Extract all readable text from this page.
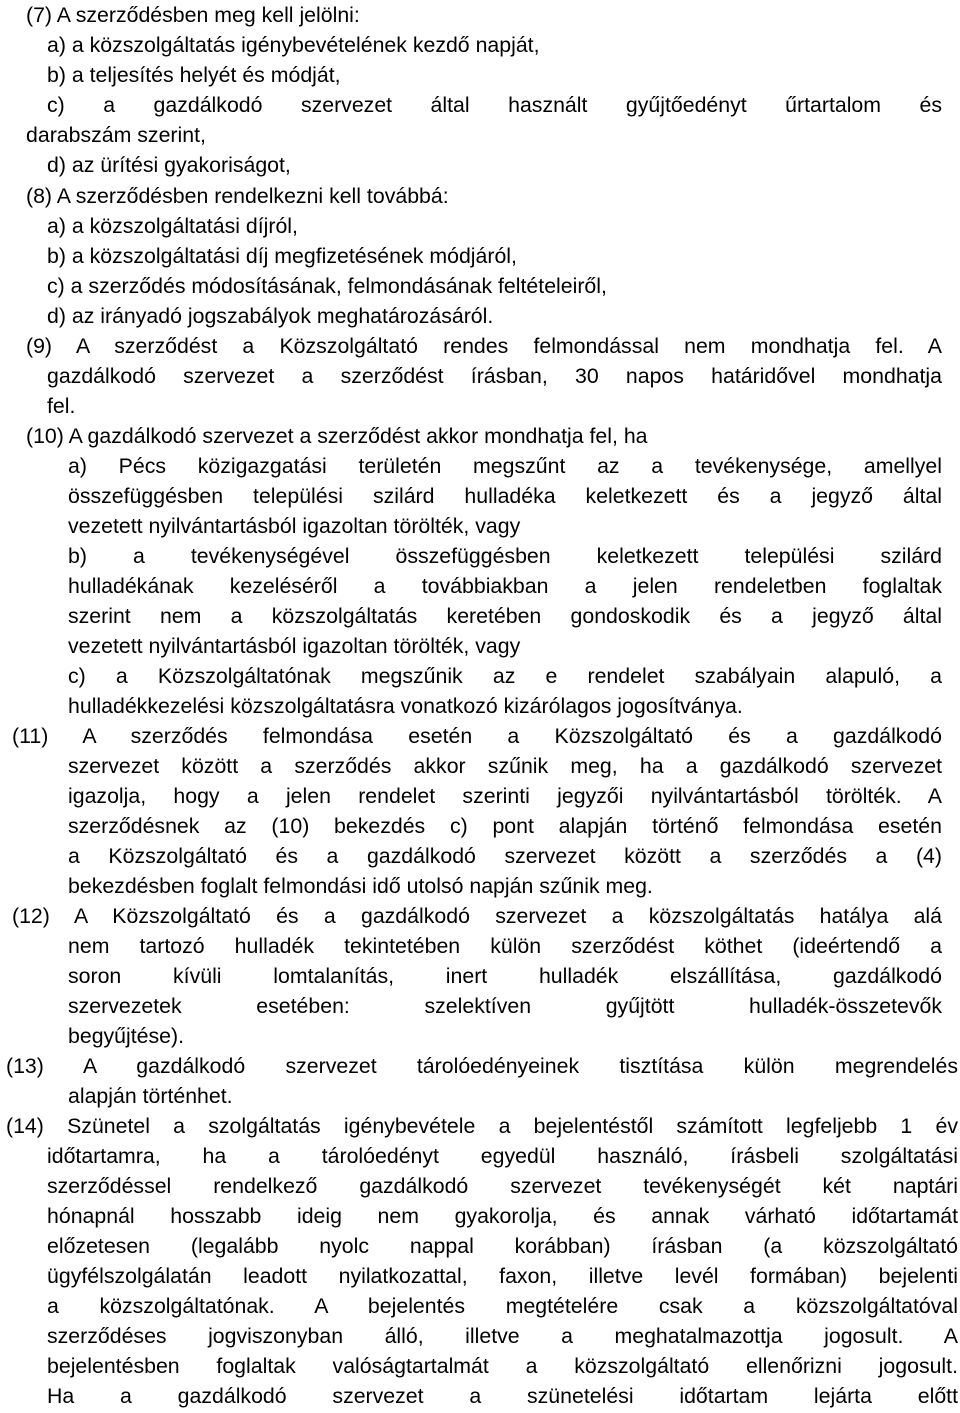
(7) A szerződésben meg kell jelölni:
a) a közszolgáltatás igénybevételének kezdő napját,
b) a teljesítés helyét és módját,
c) a gazdálkodó szervezet által használt gyűjtőedényt űrtartalom és
darabszám szerint,
d) az ürítési gyakoriságot,
(8) A szerződésben rendelkezni kell továbbá:
a) a közszolgáltatási díjról,
b) a közszolgáltatási díj megfizetésének módjáról,
c) a szerződés módosításának, felmondásának feltételeiről,
d) az irányadó jogszabályok meghatározásáról.
(9) A szerződést a Közszolgáltató rendes felmondással nem mondhatja fel. A
gazdálkodó szervezet a szerződést írásban, 30 napos határidővel mondhatja
fel.
(10) A gazdálkodó szervezet a szerződést akkor mondhatja fel, ha
a) Pécs közigazgatási területén megszűnt az a tevékenysége, amellyel
összefüggésben települési szilárd hulladéka keletkezett és a jegyző által
vezetett nyilvántartásból igazoltan törölték, vagy
b) a tevékenységével összefüggésben keletkezett települési szilárd
hulladékának kezeléséről a továbbiakban a jelen rendeletben foglaltak
szerint nem a közszolgáltatás keretében gondoskodik és a jegyző által
vezetett nyilvántartásból igazoltan törölték, vagy
c) a Közszolgáltatónak megszűnik az e rendelet szabályain alapuló, a
hulladékkezelési közszolgáltatásra vonatkozó kizárólagos jogosítványa.
(11) A szerződés felmondása esetén a Közszolgáltató és a gazdálkodó
szervezet között a szerződés akkor szűnik meg, ha a gazdálkodó szervezet
igazolja, hogy a jelen rendelet szerinti jegyzői nyilvántartásból törölték. A
szerződésnek az (10) bekezdés c) pont alapján történő felmondása esetén
a Közszolgáltató és a gazdálkodó szervezet között a szerződés a (4)
bekezdésben foglalt felmondási idő utolsó napján szűnik meg.
(12) A Közszolgáltató és a gazdálkodó szervezet a közszolgáltatás hatálya alá
nem tartozó hulladék tekintetében külön szerződést köthet (ideértendő a
soron kívüli lomtalanítás, inert hulladék elszállítása, gazdálkodó
szervezetek esetében: szelektíven gyűjtött hulladék-összetevők
begyűjtése).
(13) A gazdálkodó szervezet tárolóedényeinek tisztítása külön megrendelés
alapján történhet.
(14) Szünetel a szolgáltatás igénybevétele a bejelentéstől számított legfeljebb 1 év
időtartamra, ha a tárolóedényt egyedül használó, írásbeli szolgáltatási
szerződéssel rendelkező gazdálkodó szervezet tevékenységét két naptári
hónapnál hosszabb ideig nem gyakorolja, és annak várható időtartamát
előzetesen (legalább nyolc nappal korábban) írásban (a közszolgáltató
ügyfélszolgálatán leadott nyilatkozattal, faxon, illetve levél formában) bejelenti
a közszolgáltatónak. A bejelentés megtételére csak a közszolgáltatóval
szerződéses jogviszonyban álló, illetve a meghatalmazottja jogosult. A
bejelentésben foglaltak valóságtartalmát a közszolgáltató ellenőrizni jogosult.
Ha a gazdálkodó szervezet a szünetelési időtartam lejárta előtt
